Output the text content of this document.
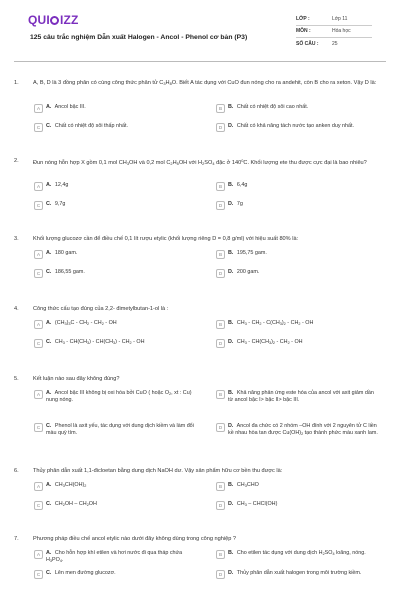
QUI IZZ
125 câu trắc nghiệm Dẫn xuất Halogen - Ancol - Phenol cơ bản (P3)
LỚP :	Lớp 11
MÔN :	Hóa học
SỐ CÂU :	25
1.	A, B, D là 3 đồng phân có cùng công thức phân tử $C_3H_8O$. Biết A tác dụng với CuO đun nóng cho ra andehit, còn B cho ra xeton. Vậy D là:
A	A. Ancol bậc III.	B	B. Chất có nhiệt độ sôi cao nhất.
C	C. Chất có nhiệt độ sôi thấp nhất.	D	D. Chất có khả năng tách nước tạo anken duy nhất.
2.	Đun nóng hỗn hợp X gồm 0,1 mol $CH_3OH$ và 0,2 mol $C_2H_5OH$ với $H_2SO_4$ đặc ở $140^0C$. Khối lượng ete thu được cực đại là bao nhiêu?
A	A. 12,4g	B	B. 6,4g
C	C. 9,7g	D	D. 7g
3.	Khối lượng glucozơ cần để điều chế 0,1 lít rượu etylic (khối lượng riêng D = 0,8 g/ml) với hiệu suất 80% là:
A	A. 180 gam.	B	B. 195,75 gam.
C	C. 186,55 gam.	D	D. 200 gam.
4.	Công thức cấu tạo đúng của 2,2- đimetylbutan-1-ol là :
A	A. $(CH_3)_3C - CH_2 - CH_2$ - OH	B	B. $CH_3 - CH_2 - C(CH_3)_2 - CH_2$ - OH
C	C. $CH_3 - CH(CH_3) - CH(CH_3) - CH_2$ - OH	D	D. $CH_3 - CH(CH_3)_2 - CH_2$ - OH
5.	Kết luận nào sau đây không đúng?
A	A. Ancol bậc III không bị oxi hóa bởi CuO ( hoặc $O_2$, xt : Cu) nung nóng.
B	B. Khả năng phản ứng este hóa của ancol với axit giảm dần từ ancol bậc I> bậc II> bậc III.
C	C. Phenol là axit yếu, tác dụng với dung dịch kiềm và làm đổi màu quỳ tím.
D	D. Ancol đa chức có 2 nhóm –OH đính với 2 nguyên tử C liền kề nhau hòa tan được $Cu(OH)_2$ tạo thành phức màu xanh lam.
6.	Thủy phân dẫn xuất 1,1-đicloetan bằng dung dịch NaOH dư. Vậy sản phẩm hữu cơ bền thu được là:
A	A. $CH_3CH(OH)_2$	B	B. $CH_3CHO$
C	C. $CH_2OH - CH_2OH$	D	D. $CH_3$ – CHCl(OH)
7.	Phương pháp điều chế ancol etylic nào dưới đây không dùng trong công nghiệp ?
A	A. Cho hỗn hợp khí etilen và hơi nước đi qua tháp chứa $H_3PO_4$.
B	B. Cho etilen tác dụng với dung dịch $H_2SO_4$ loãng, nóng.
C	C. Lên men đường glucozơ.	D	D. Thủy phân dẫn xuất halogen trong môi trường kiềm.
